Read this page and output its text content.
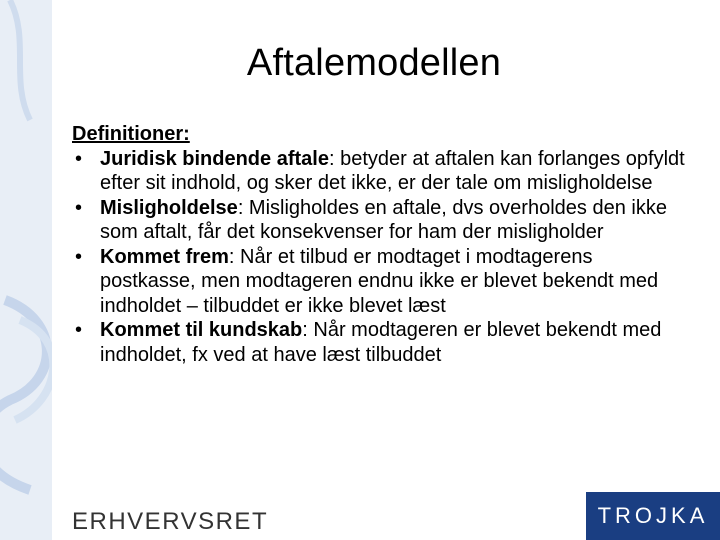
Aftalemodellen
Definitioner:
• Juridisk bindende aftale: betyder at aftalen kan forlanges opfyldt efter sit indhold, og sker det ikke, er der tale om misligholdelse
• Misligholdelse: Misligholdes en aftale, dvs overholdes den ikke som aftalt, får det konsekvenser for ham der misligholder
• Kommet frem: Når et tilbud er modtaget i modtagerens postkasse, men modtageren endnu ikke er blevet bekendt med indholdet – tilbuddet er ikke blevet læst
• Kommet til kundskab: Når modtageren er blevet bekendt med indholdet, fx ved at have læst tilbuddet
ERHVERVSRET	TROJKA
